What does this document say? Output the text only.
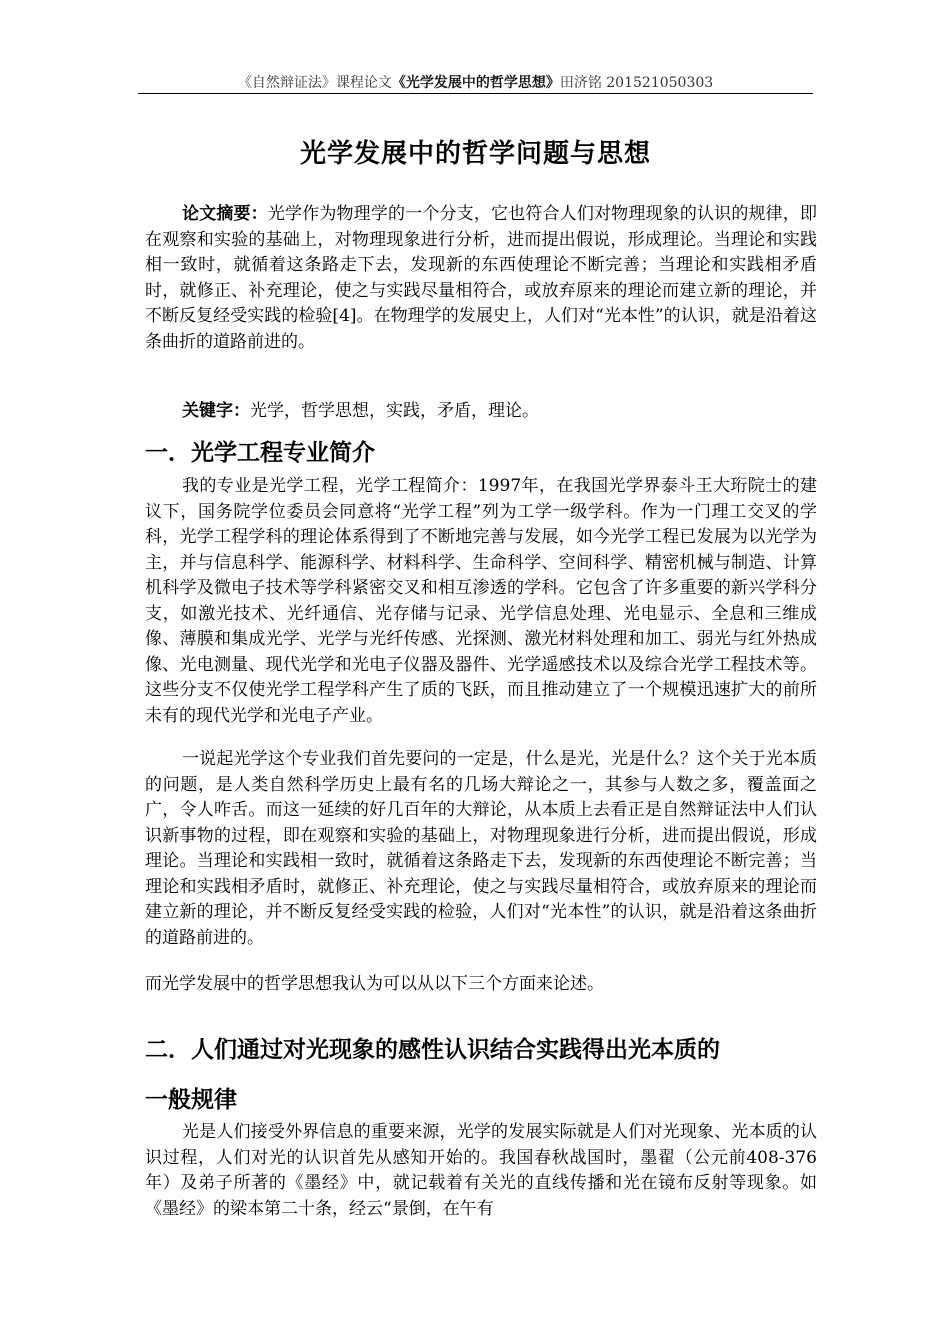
《自然辩证法》课程论文《光学发展中的哲学思想》田济铭 201521050303
光学发展中的哲学问题与思想

论文摘要：光学作为物理学的一个分支，它也符合人们对物理现象的认识的规律，即在观察和实验的基础上，对物理现象进行分析，进而提出假说，形成理论。当理论和实践相一致时，就循着这条路走下去，发现新的东西使理论不断完善；当理论和实践相矛盾时，就修正、补充理论，使之与实践尽量相符合，或放弃原来的理论而建立新的理论，并不断反复经受实践的检验[4]。在物理学的发展史上，人们对“光本性”的认识，就是沿着这条曲折的道路前进的。

关键字：光学，哲学思想，实践，矛盾，理论。

一．光学工程专业简介

我的专业是光学工程，光学工程简介：1997年，在我国光学界泰斗王大珩院士的建议下，国务院学位委员会同意将“光学工程”列为工学一级学科。作为一门理工交叉的学科，光学工程学科的理论体系得到了不断地完善与发展，如今光学工程已发展为以光学为主，并与信息科学、能源科学、材料科学、生命科学、空间科学、精密机械与制造、计算机科学及微电子技术等学科紧密交叉和相互渗透的学科。它包含了许多重要的新兴学科分支，如激光技术、光纤通信、光存储与记录、光学信息处理、光电显示、全息和三维成像、薄膜和集成光学、光学与光纤传感、光探测、激光材料处理和加工、弱光与红外热成像、光电测量、现代光学和光电子仪器及器件、光学遥感技术以及综合光学工程技术等。这些分支不仅使光学工程学科产生了质的飞跃，而且推动建立了一个规模迅速扩大的前所未有的现代光学和光电子产业。

一说起光学这个专业我们首先要问的一定是，什么是光，光是什么？这个关于光本质的问题，是人类自然科学历史上最有名的几场大辩论之一，其参与人数之多，覆盖面之广，令人咋舌。而这一延续的好几百年的大辩论，从本质上去看正是自然辩证法中人们认识新事物的过程，即在观察和实验的基础上，对物理现象进行分析，进而提出假说，形成理论。当理论和实践相一致时，就循着这条路走下去，发现新的东西使理论不断完善；当理论和实践相矛盾时，就修正、补充理论，使之与实践尽量相符合，或放弃原来的理论而建立新的理论，并不断反复经受实践的检验，人们对“光本性”的认识，就是沿着这条曲折的道路前进的。

而光学发展中的哲学思想我认为可以从以下三个方面来论述。

二．人们通过对光现象的感性认识结合实践得出光本质的
一般规律

光是人们接受外界信息的重要来源，光学的发展实际就是人们对光现象、光本质的认识过程，人们对光的认识首先从感知开始的。我国春秋战国时，墨翟（公元前408-376年）及弟子所著的《墨经》中，就记载着有关光的直线传播和光在镜布反射等现象。如《墨经》的梁本第二十条，经云“景倒，在午有
